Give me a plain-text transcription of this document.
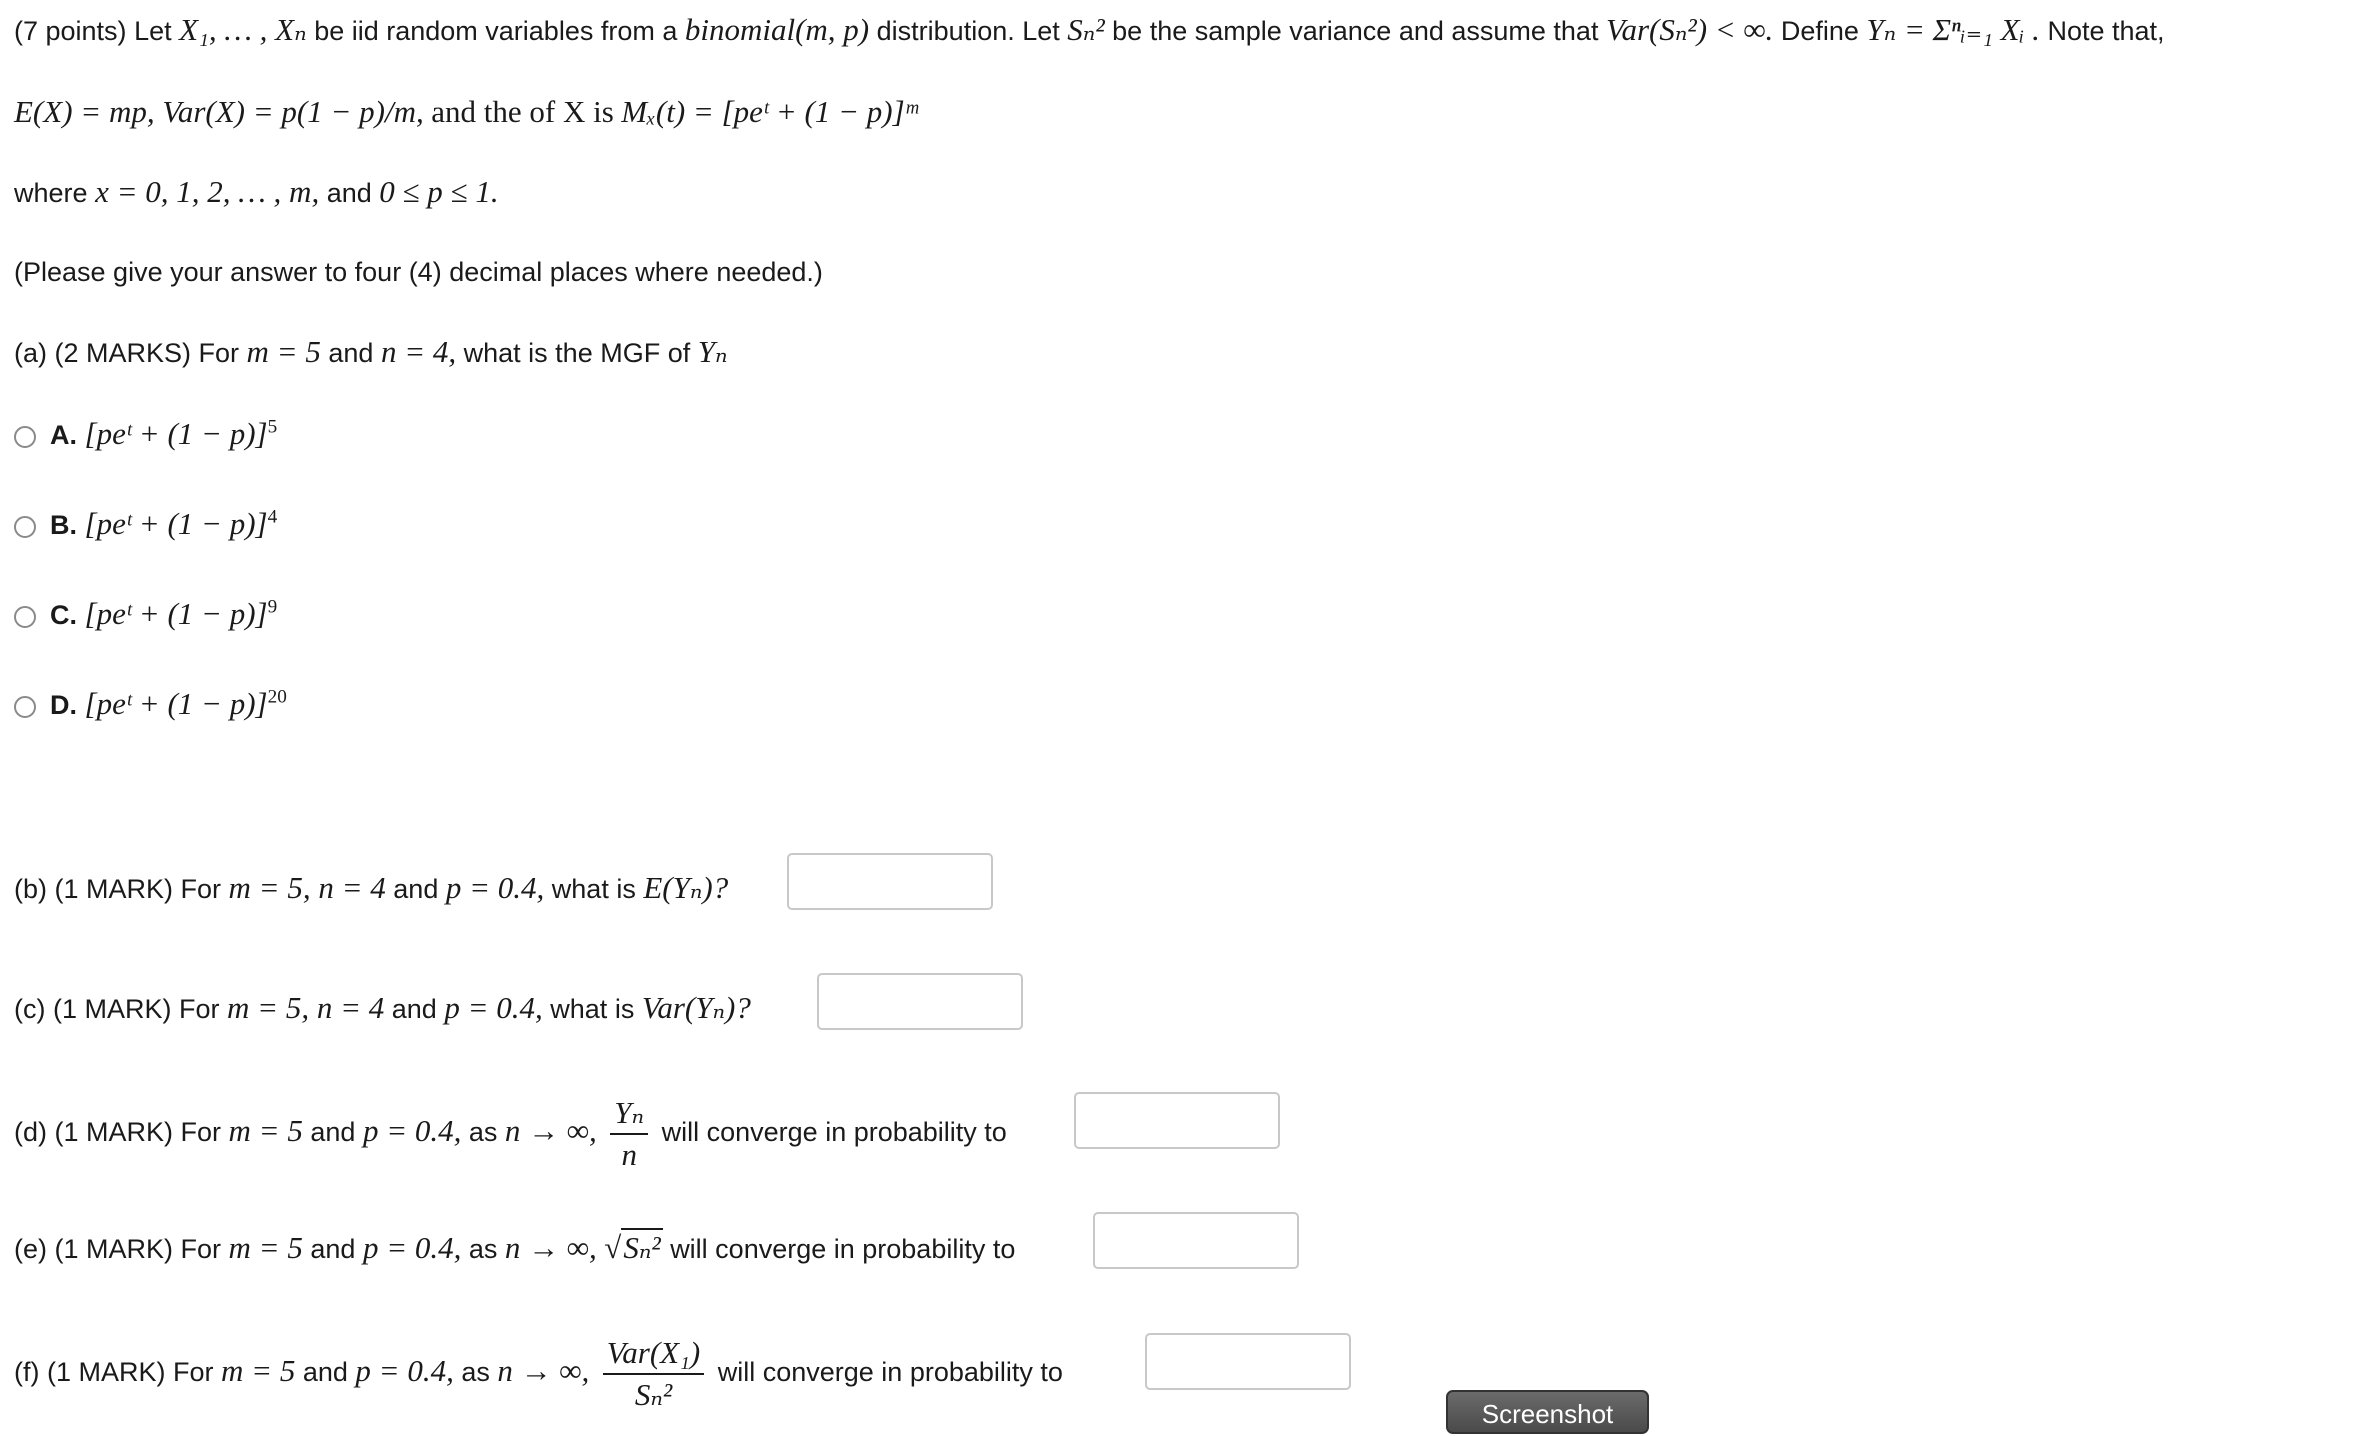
(7 points) Let X₁, … , Xₙ be iid random variables from a binomial(m, p) distribution. Let Sₙ² be the sample variance and assume that Var(Sₙ²) < ∞. Define Yₙ = Σⁿᵢ₌₁ Xᵢ . Note that,
E(X) = mp, Var(X) = p(1 − p)/m, and the of X is Mₓ(t) = [peᵗ + (1 − p)]ᵐ
where x = 0, 1, 2, … , m, and 0 ≤ p ≤ 1.
(Please give your answer to four (4) decimal places where needed.)
(a) (2 MARKS) For m = 5 and n = 4, what is the MGF of Yₙ
A. [peᵗ + (1 − p)]$^5$
B. [peᵗ + (1 − p)]$^4$
C. [peᵗ + (1 − p)]$^9$
D. [peᵗ + (1 − p)]$^{20}$
(b) (1 MARK) For m = 5, n = 4 and p = 0.4, what is E(Yₙ)?
(c) (1 MARK) For m = 5, n = 4 and p = 0.4, what is Var(Yₙ)?
(d) (1 MARK) For m = 5 and p = 0.4, as n → ∞, $\frac{\text{Yₙ}}{n}$ will converge in probability to
(e) (1 MARK) For m = 5 and p = 0.4, as n → ∞, √Sₙ² will converge in probability to
(f) (1 MARK) For m = 5 and p = 0.4, as n → ∞, $\frac{\text{Var(X₁)}}{\text{Sₙ²}}$ will converge in probability to
Screenshot
